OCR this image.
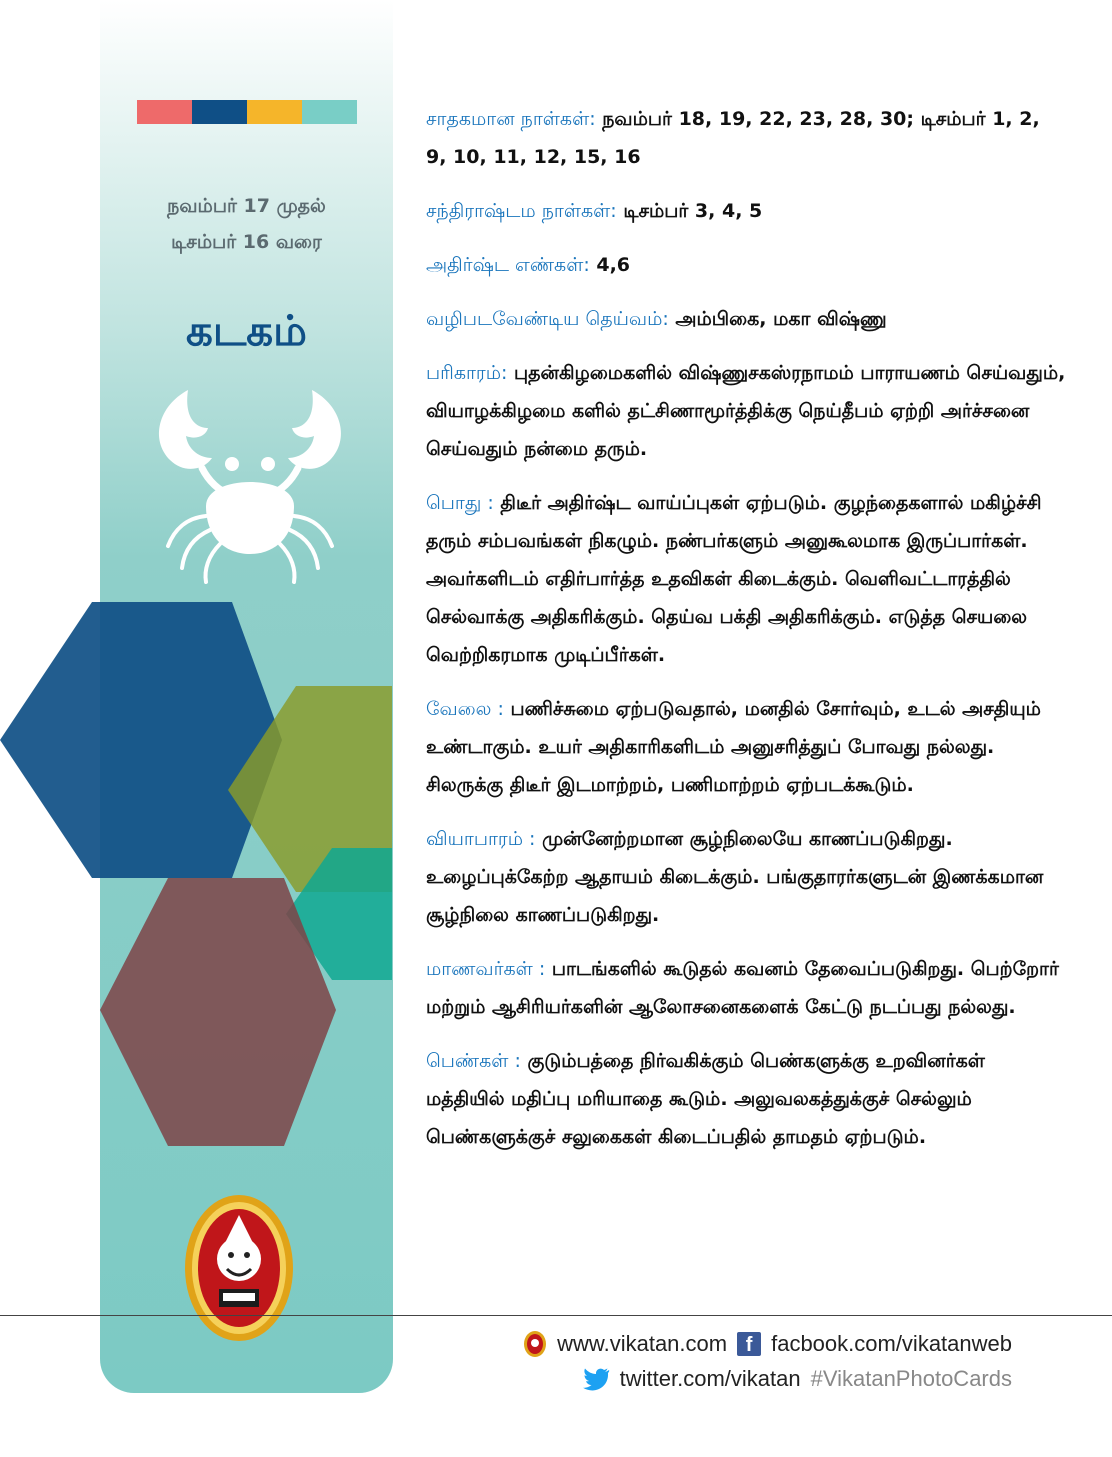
நவம்பர் 17 முதல்
டிசம்பர் 16 வரை
கடகம்

சாதகமான நாள்கள்: நவம்பர் 18, 19, 22, 23, 28, 30; டிசம்பர் 1, 2, 9, 10, 11, 12, 15, 16

சந்திராஷ்டம நாள்கள்: டிசம்பர் 3, 4, 5

அதிர்ஷ்ட எண்கள்: 4,6

வழிபடவேண்டிய தெய்வம்: அம்பிகை, மகா விஷ்ணு

பரிகாரம்: புதன்கிழமைகளில் விஷ்ணுசகஸ்ரநாமம் பாராயணம் செய்வதும், வியாழக்கிழமை களில் தட்சிணாமூர்த்திக்கு நெய்தீபம் ஏற்றி அர்ச்சனை செய்வதும் நன்மை தரும்.

பொது : திடீர் அதிர்ஷ்ட வாய்ப்புகள் ஏற்படும். குழந்தைகளால் மகிழ்ச்சி தரும் சம்பவங்கள் நிகழும். நண்பர்களும் அனுகூலமாக இருப்பார்கள். அவர்களிடம் எதிர்பார்த்த உதவிகள் கிடைக்கும். வெளிவட்டாரத்தில் செல்வாக்கு அதிகரிக்கும். தெய்வ பக்தி அதிகரிக்கும். எடுத்த செயலை வெற்றிகரமாக முடிப்பீர்கள்.

வேலை : பணிச்சுமை ஏற்படுவதால், மனதில் சோர்வும், உடல் அசதியும் உண்டாகும். உயர் அதிகாரிகளிடம் அனுசரித்துப் போவது நல்லது. சிலருக்கு திடீர் இடமாற்றம், பணிமாற்றம் ஏற்படக்கூடும்.

வியாபாரம் : முன்னேற்றமான சூழ்நிலையே காணப்படுகிறது. உழைப்புக்கேற்ற ஆதாயம் கிடைக்கும். பங்குதாரர்களுடன் இணக்கமான சூழ்நிலை காணப்படுகிறது.

மாணவர்கள் : பாடங்களில் கூடுதல் கவனம் தேவைப்படுகிறது. பெற்றோர் மற்றும் ஆசிரியர்களின் ஆலோசனைகளைக் கேட்டு நடப்பது நல்லது.

பெண்கள் : குடும்பத்தை நிர்வகிக்கும் பெண்களுக்கு உறவினர்கள் மத்தியில் மதிப்பு மரியாதை கூடும். அலுவலகத்துக்குச் செல்லும் பெண்களுக்குச் சலுகைகள் கிடைப்பதில் தாமதம் ஏற்படும்.

www.vikatan.com f facbook.com/vikatanweb
twitter.com/vikatan #VikatanPhotoCards
